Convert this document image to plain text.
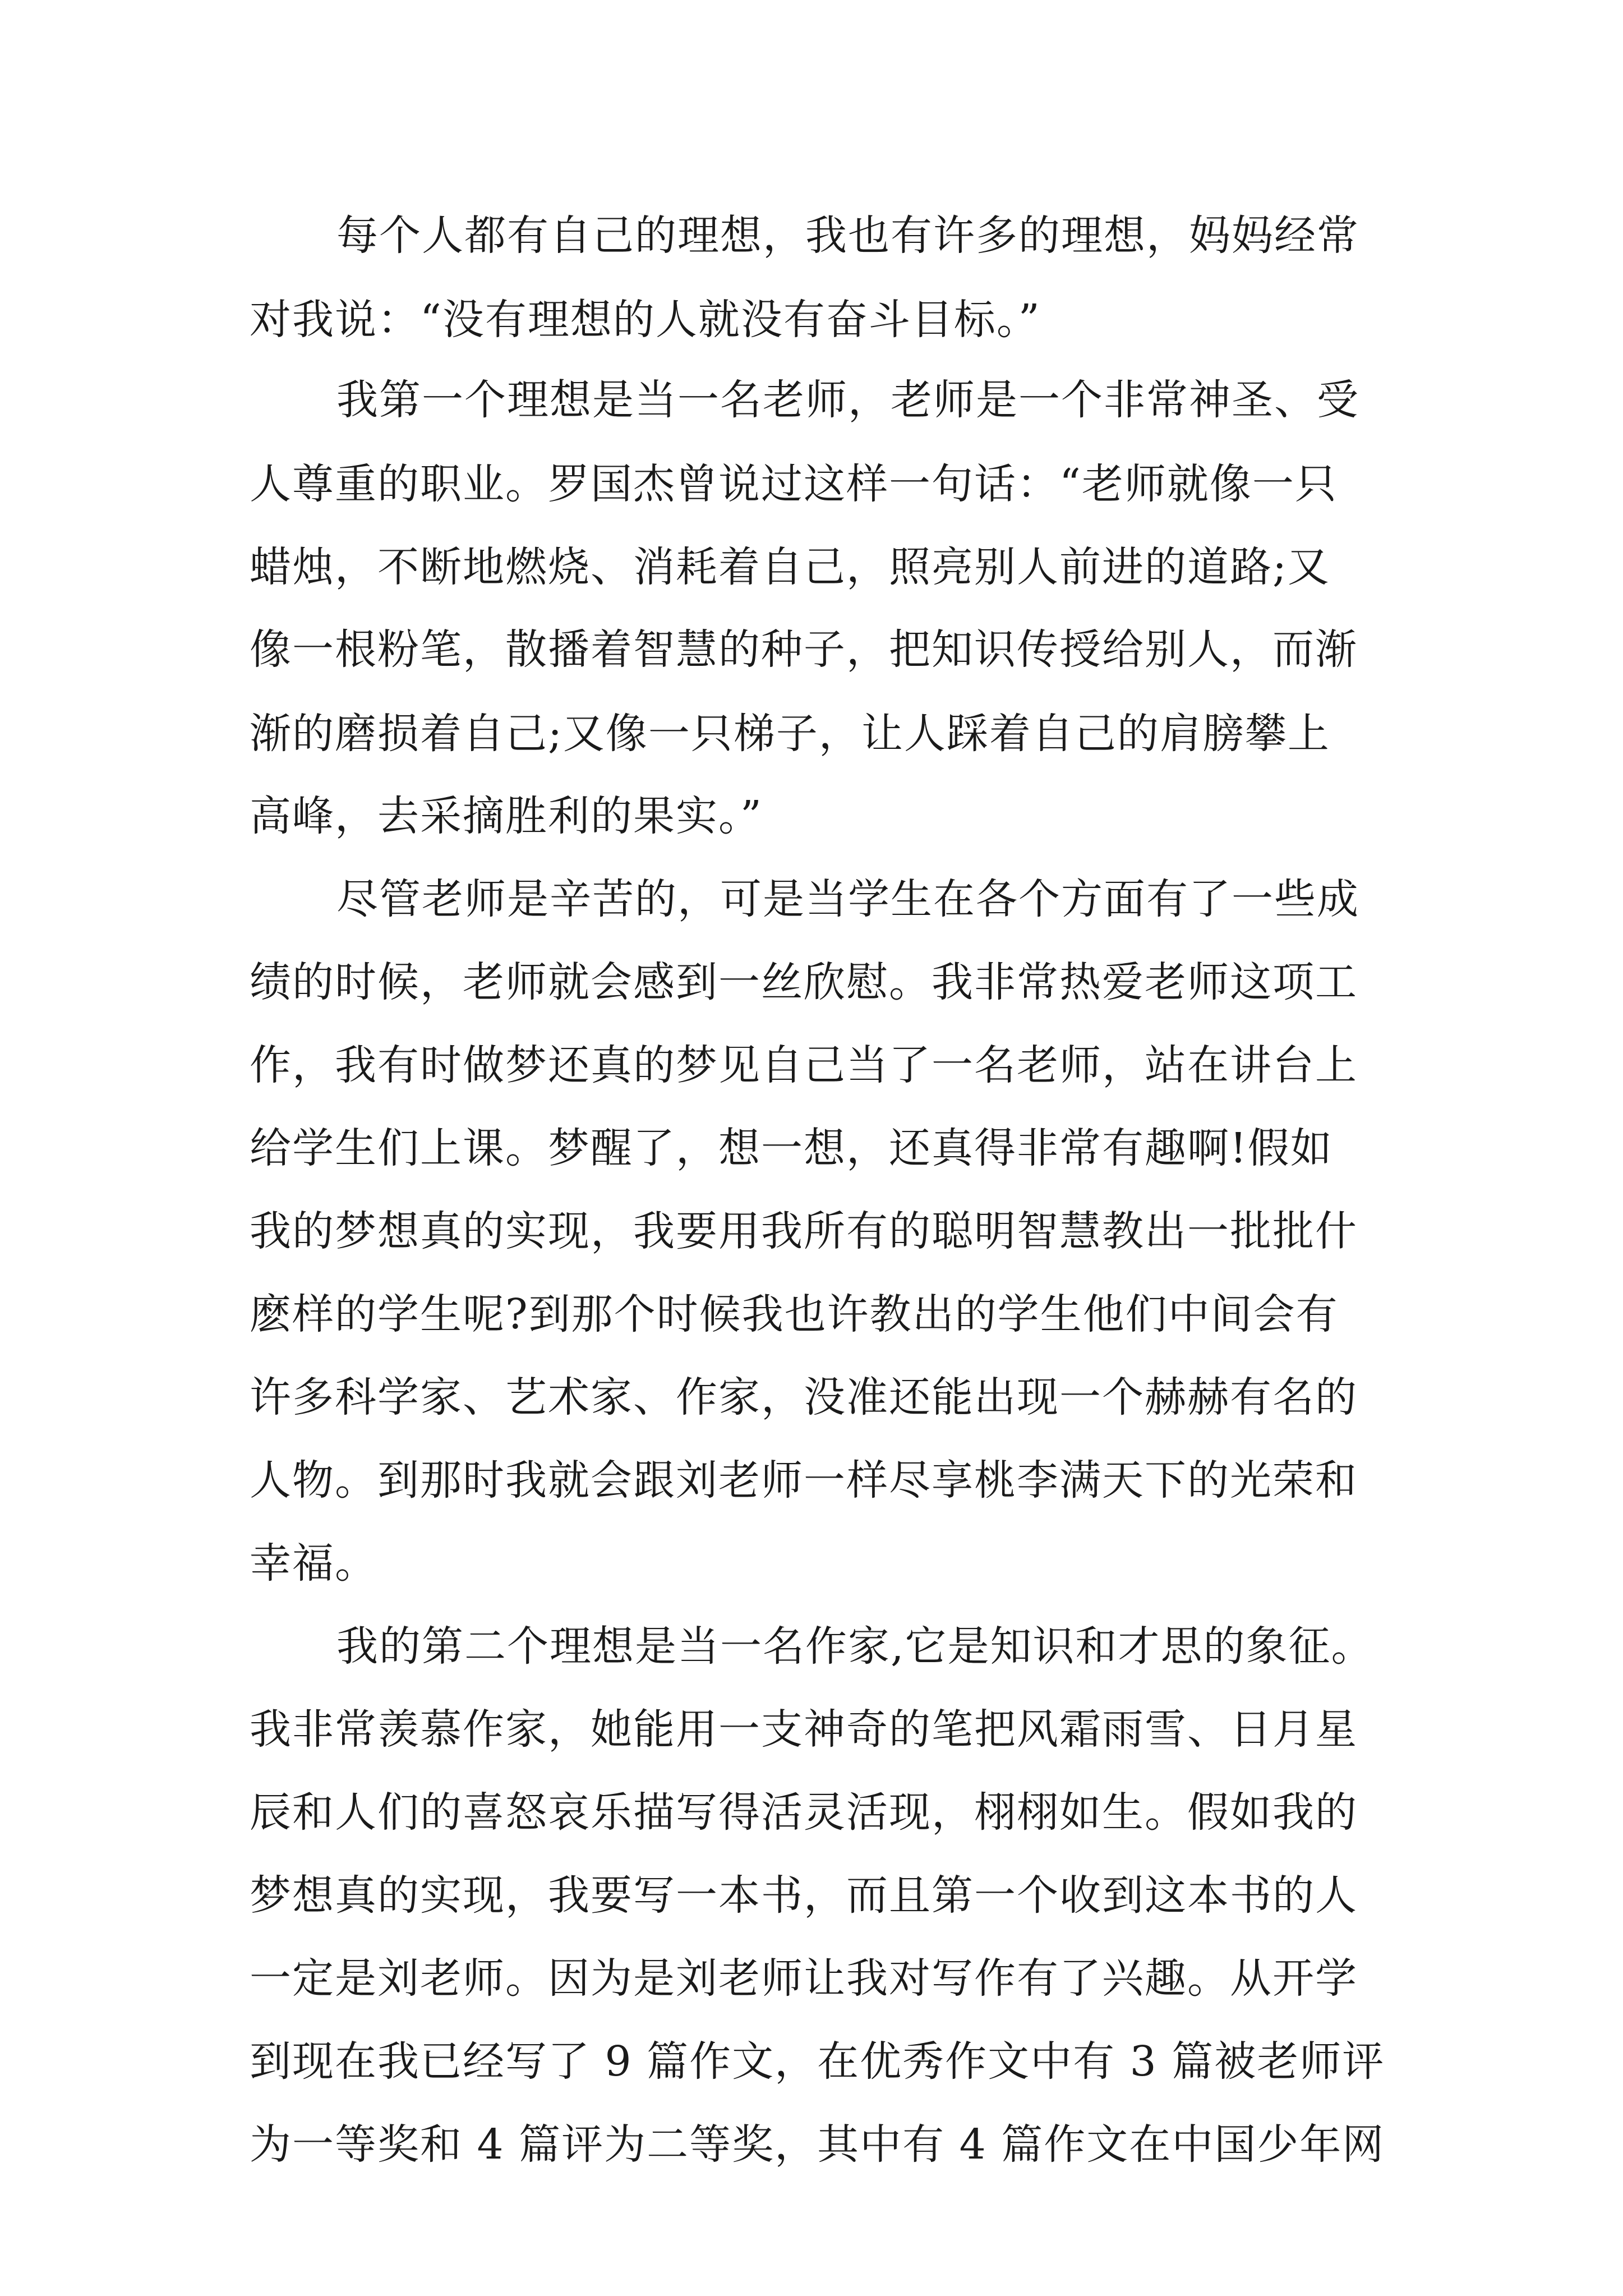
每个人都有自己的理想，我也有许多的理想，妈妈经常
对我说：“没有理想的人就没有奋斗目标。”
我第一个理想是当一名老师，老师是一个非常神圣、受
人尊重的职业。罗国杰曾说过这样一句话：“老师就像一只
蜡烛，不断地燃烧、消耗着自己，照亮别人前进的道路;又
像一根粉笔，散播着智慧的种子，把知识传授给别人，而渐
渐的磨损着自己;又像一只梯子，让人踩着自己的肩膀攀上
高峰，去采摘胜利的果实。”
尽管老师是辛苦的，可是当学生在各个方面有了一些成
绩的时候，老师就会感到一丝欣慰。我非常热爱老师这项工
作，我有时做梦还真的梦见自己当了一名老师，站在讲台上
给学生们上课。梦醒了，想一想，还真得非常有趣啊!假如
我的梦想真的实现，我要用我所有的聪明智慧教出一批批什
麽样的学生呢?到那个时候我也许教出的学生他们中间会有
许多科学家、艺术家、作家，没准还能出现一个赫赫有名的
人物。到那时我就会跟刘老师一样尽享桃李满天下的光荣和
幸福。
我的第二个理想是当一名作家,它是知识和才思的象征。
我非常羡慕作家，她能用一支神奇的笔把风霜雨雪、日月星
辰和人们的喜怒哀乐描写得活灵活现，栩栩如生。假如我的
梦想真的实现，我要写一本书，而且第一个收到这本书的人
一定是刘老师。因为是刘老师让我对写作有了兴趣。从开学
到现在我已经写了 9 篇作文，在优秀作文中有 3 篇被老师评
为一等奖和 4 篇评为二等奖，其中有 4 篇作文在中国少年网
